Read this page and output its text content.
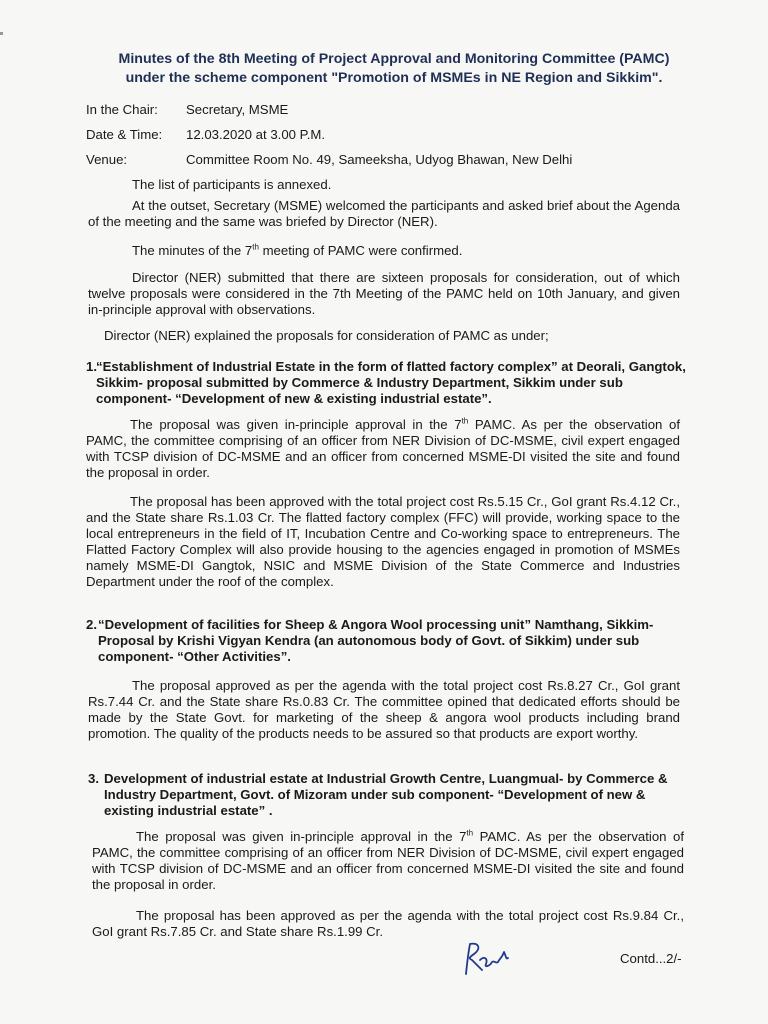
Minutes of the 8th Meeting of Project Approval and Monitoring Committee (PAMC)
under the scheme component "Promotion of MSMEs in NE Region and Sikkim".
In the Chair: Secretary, MSME
Date & Time: 12.03.2020 at 3.00 P.M.
Venue:	Committee Room No. 49, Sameeksha, Udyog Bhawan, New Delhi
The list of participants is annexed.
At the outset, Secretary (MSME) welcomed the participants and asked brief about the Agenda of the meeting and the same was briefed by Director (NER).
The minutes of the 7th meeting of PAMC were confirmed.
Director (NER) submitted that there are sixteen proposals for consideration, out of which twelve proposals were considered in the 7th Meeting of the PAMC held on 10th January, and given in-principle approval with observations.
Director (NER) explained the proposals for consideration of PAMC as under;
1. “Establishment of Industrial Estate in the form of flatted factory complex” at Deorali, Gangtok, Sikkim- proposal submitted by Commerce & Industry Department, Sikkim under sub component- “Development of new & existing industrial estate”.
The proposal was given in-principle approval in the 7th PAMC. As per the observation of PAMC, the committee comprising of an officer from NER Division of DC-MSME, civil expert engaged with TCSP division of DC-MSME and an officer from concerned MSME-DI visited the site and found the proposal in order.
The proposal has been approved with the total project cost Rs.5.15 Cr., GoI grant Rs.4.12 Cr., and the State share Rs.1.03 Cr. The flatted factory complex (FFC) will provide, working space to the local entrepreneurs in the field of IT, Incubation Centre and Co-working space to entrepreneurs. The Flatted Factory Complex will also provide housing to the agencies engaged in promotion of MSMEs namely MSME-DI Gangtok, NSIC and MSME Division of the State Commerce and Industries Department under the roof of the complex.
2. “Development of facilities for Sheep & Angora Wool processing unit” Namthang, Sikkim- Proposal by Krishi Vigyan Kendra (an autonomous body of Govt. of Sikkim) under sub component- “Other Activities”.
The proposal approved as per the agenda with the total project cost Rs.8.27 Cr., GoI grant Rs.7.44 Cr. and the State share Rs.0.83 Cr. The committee opined that dedicated efforts should be made by the State Govt. for marketing of the sheep & angora wool products including brand promotion. The quality of the products needs to be assured so that products are export worthy.
3. Development of industrial estate at Industrial Growth Centre, Luangmual- by Commerce & Industry Department, Govt. of Mizoram under sub component- “Development of new & existing industrial estate” .
The proposal was given in-principle approval in the 7th PAMC. As per the observation of PAMC, the committee comprising of an officer from NER Division of DC-MSME, civil expert engaged with TCSP division of DC-MSME and an officer from concerned MSME-DI visited the site and found the proposal in order.
The proposal has been approved as per the agenda with the total project cost Rs.9.84 Cr., GoI grant Rs.7.85 Cr. and State share Rs.1.99 Cr.
Contd...2/-
